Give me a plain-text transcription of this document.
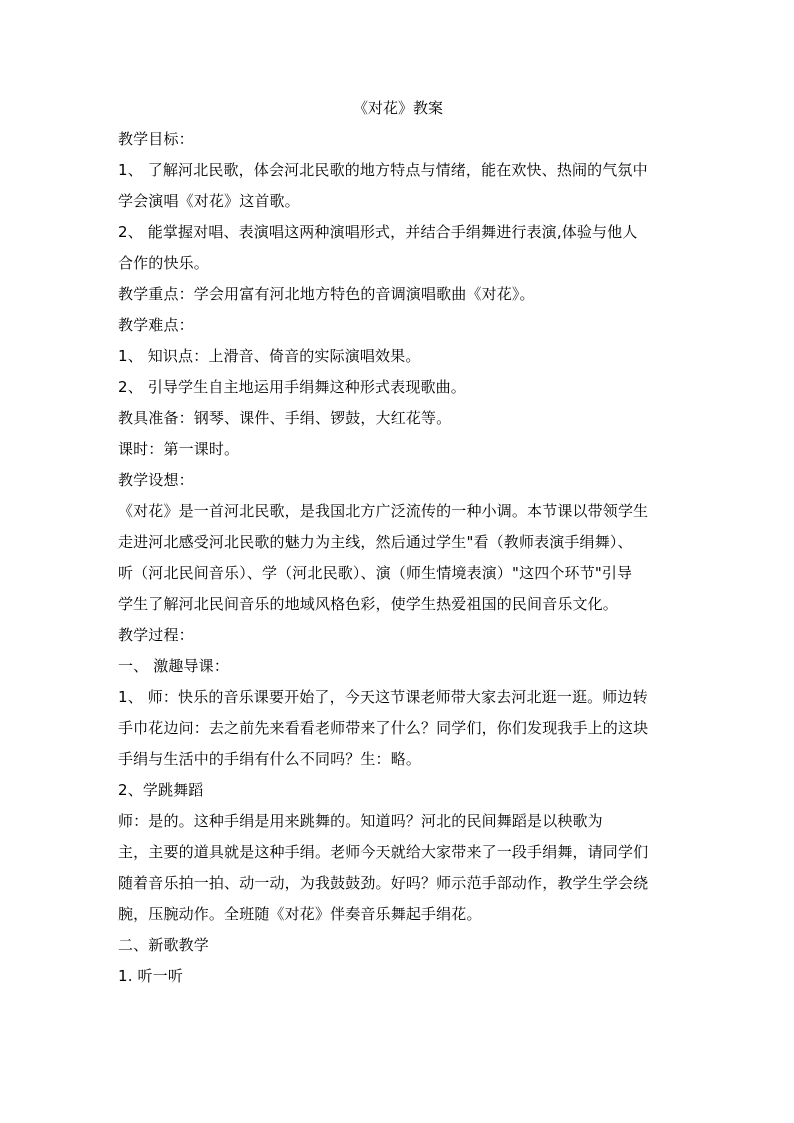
《对花》教案

教学目标：

1、 了解河北民歌，体会河北民歌的地方特点与情绪，能在欢快、热闹的气氛中

学会演唱《对花》这首歌。

2、 能掌握对唱、表演唱这两种演唱形式，并结合手绢舞进行表演,体验与他人

合作的快乐。

教学重点：学会用富有河北地方特色的音调演唱歌曲《对花》。

教学难点：

1、 知识点：上滑音、倚音的实际演唱效果。

2、 引导学生自主地运用手绢舞这种形式表现歌曲。

教具准备：钢琴、课件、手绢、锣鼓，大红花等。

课时：第一课时。

教学设想：

《对花》是一首河北民歌，是我国北方广泛流传的一种小调。本节课以带领学生

走进河北感受河北民歌的魅力为主线，然后通过学生"看（教师表演手绢舞）、

听（河北民间音乐）、学（河北民歌）、演（师生情境表演）"这四个环节"引导

学生了解河北民间音乐的地域风格色彩，使学生热爱祖国的民间音乐文化。

教学过程：

一、 激趣导课：

1、 师：快乐的音乐课要开始了，今天这节课老师带大家去河北逛一逛。师边转

手巾花边问：去之前先来看看老师带来了什么？同学们，你们发现我手上的这块

手绢与生活中的手绢有什么不同吗？生：略。

2、学跳舞蹈

师：是的。这种手绢是用来跳舞的。知道吗？河北的民间舞蹈是以秧歌为

主，主要的道具就是这种手绢。老师今天就给大家带来了一段手绢舞，请同学们

随着音乐拍一拍、动一动，为我鼓鼓劲。好吗？师示范手部动作，教学生学会绕

腕，压腕动作。全班随《对花》伴奏音乐舞起手绢花。

二、新歌教学

1. 听一听
